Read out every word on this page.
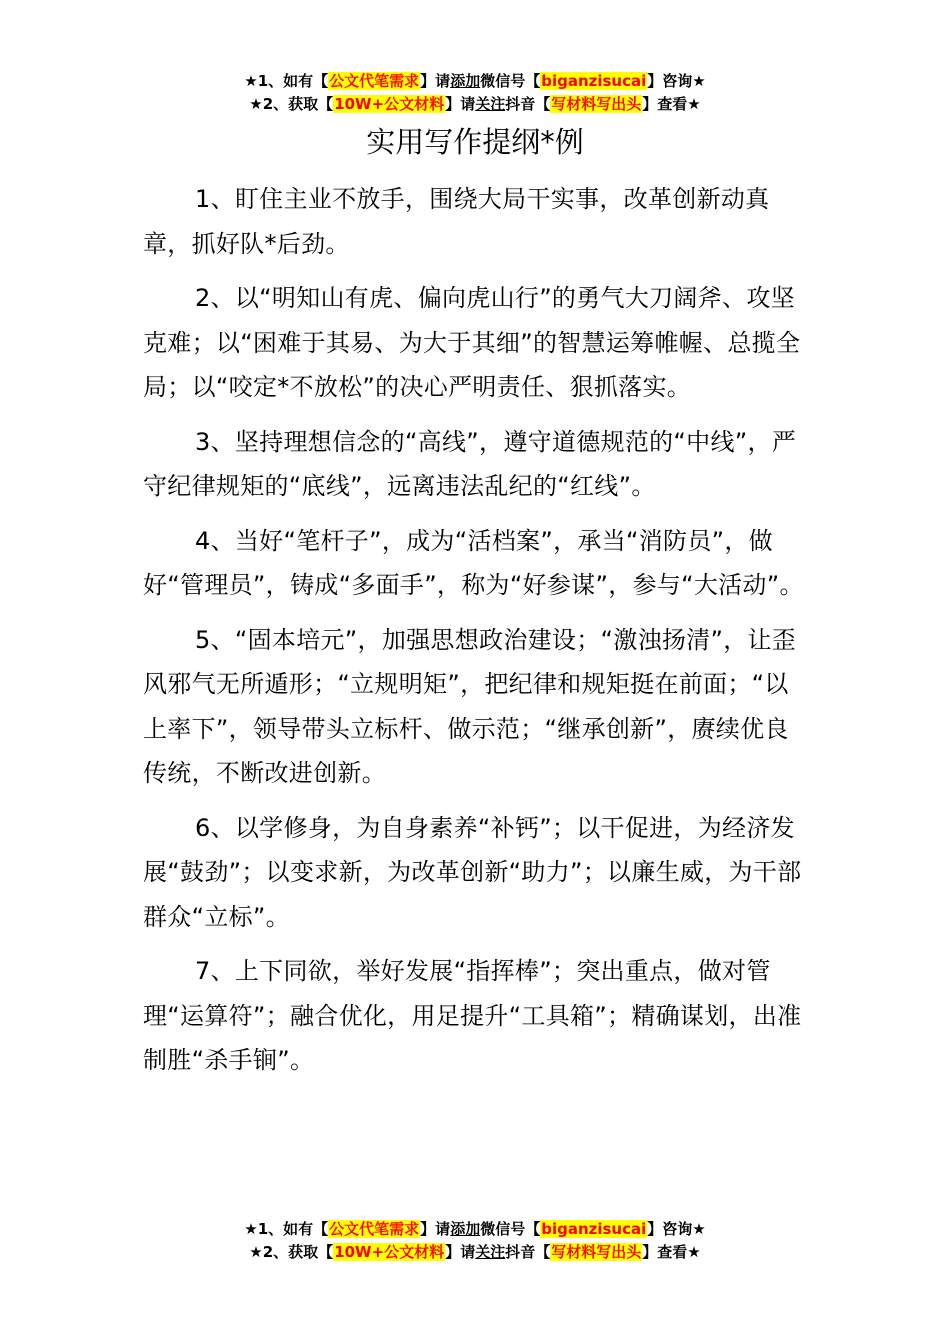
★1、如有【公文代笔需求】请添加微信号【biganzisucai】咨询★
★2、获取【10W+公文材料】请关注抖音【写材料写出头】查看★
实用写作提纲*例

1、盯住主业不放手，围绕大局干实事，改革创新动真章，抓好队*后劲。

2、以“明知山有虎、偏向虎山行”的勇气大刀阔斧、攻坚克难；以“困难于其易、为大于其细”的智慧运筹帷幄、总揽全局；以“咬定*不放松”的决心严明责任、狠抓落实。

3、坚持理想信念的“高线”，遵守道德规范的“中线”，严守纪律规矩的“底线”，远离违法乱纪的“红线”。

4、当好“笔杆子”，成为“活档案”，承当“消防员”，做好“管理员”，铸成“多面手”，称为“好参谋”，参与“大活动”。

5、“固本培元”，加强思想政治建设；“激浊扬清”，让歪风邪气无所遁形；“立规明矩”，把纪律和规矩挺在前面；“以上率下”，领导带头立标杆、做示范；“继承创新”，赓续优良传统，不断改进创新。

6、以学修身，为自身素养“补钙”；以干促进，为经济发展“鼓劲”；以变求新，为改革创新“助力”；以廉生威，为干部群众“立标”。

7、上下同欲，举好发展“指挥棒”；突出重点，做对管理“运算符”；融合优化，用足提升“工具箱”；精确谋划，出准制胜“杀手锏”。

★1、如有【公文代笔需求】请添加微信号【biganzisucai】咨询★
★2、获取【10W+公文材料】请关注抖音【写材料写出头】查看★
